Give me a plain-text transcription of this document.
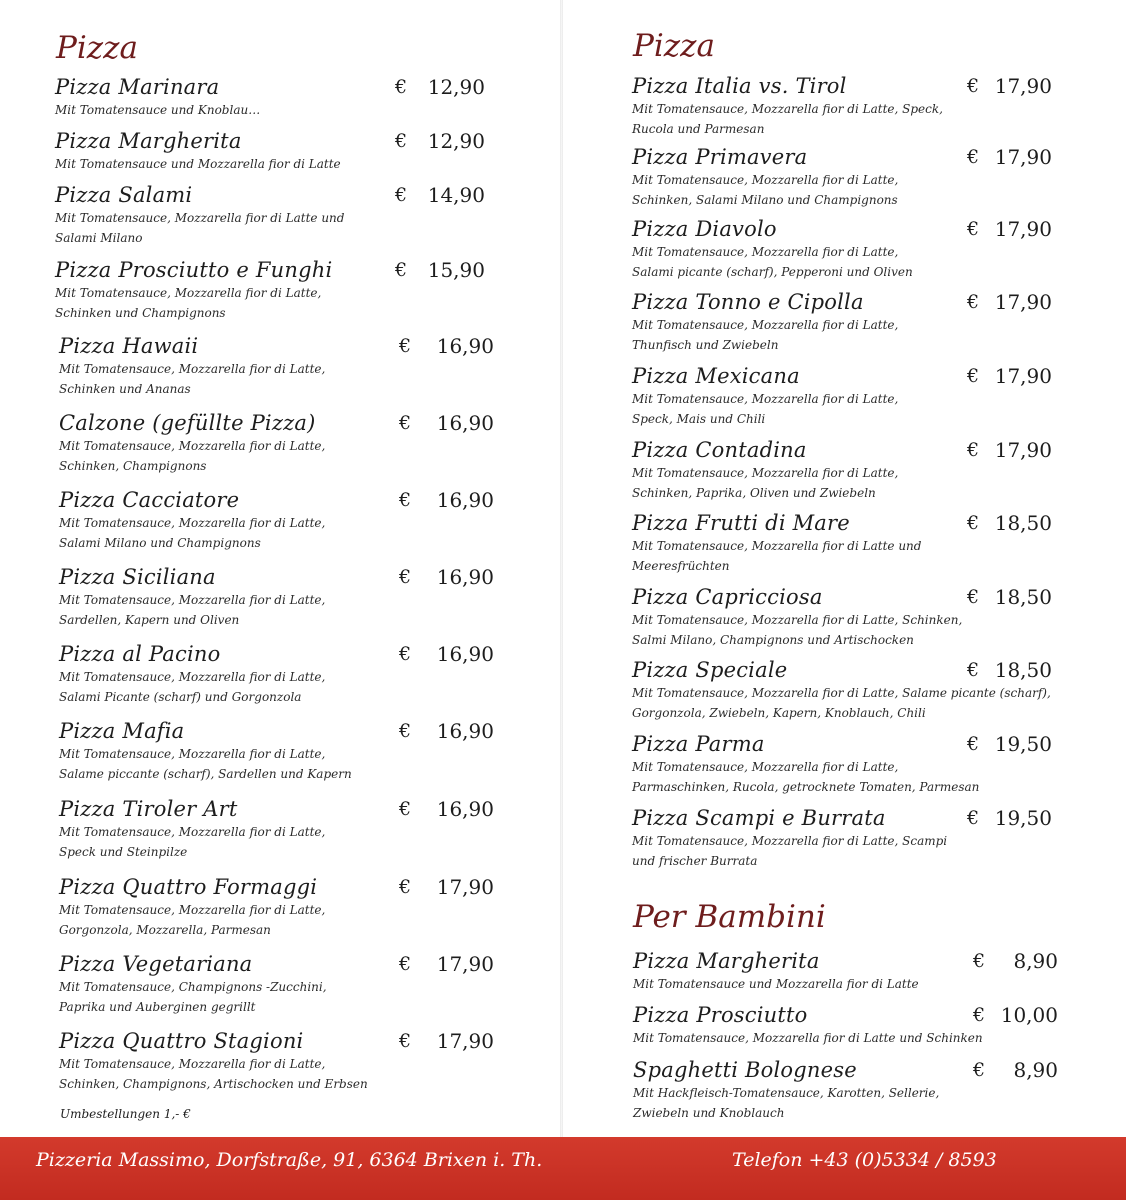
Pizza
Pizza Marinara
Mit Tomatensauce und Knoblau…
€	12,90
Pizza Margherita
Mit Tomatensauce und Mozzarella fior di Latte
€	12,90
Pizza Salami
Mit Tomatensauce, Mozzarella fior di Latte und
Salami Milano
€	14,90
Pizza Prosciutto e Funghi
Mit Tomatensauce, Mozzarella fior di Latte,
Schinken und Champignons
€	15,90
Pizza Hawaii
Mit Tomatensauce, Mozzarella fior di Latte,
Schinken und Ananas
€	16,90
Calzone (gefüllte Pizza)
Mit Tomatensauce, Mozzarella fior di Latte,
Schinken, Champignons
€	16,90
Pizza Cacciatore
Mit Tomatensauce, Mozzarella fior di Latte,
Salami Milano und Champignons
€	16,90
Pizza Siciliana
Mit Tomatensauce, Mozzarella fior di Latte,
Sardellen, Kapern und Oliven
€	16,90
Pizza al Pacino
Mit Tomatensauce, Mozzarella fior di Latte,
Salami Picante (scharf) und Gorgonzola
€	16,90
Pizza Mafia
Mit Tomatensauce, Mozzarella fior di Latte,
Salame piccante (scharf), Sardellen und Kapern
€	16,90
Pizza Tiroler Art
Mit Tomatensauce, Mozzarella fior di Latte,
Speck und Steinpilze
€	16,90
Pizza Quattro Formaggi
Mit Tomatensauce, Mozzarella fior di Latte,
Gorgonzola, Mozzarella, Parmesan
€	17,90
Pizza Vegetariana
Mit Tomatensauce, Champignons -Zucchini,
Paprika und Auberginen gegrillt
€	17,90
Pizza Quattro Stagioni
Mit Tomatensauce, Mozzarella fior di Latte,
Schinken, Champignons, Artischocken und Erbsen
€	17,90
Umbestellungen 1,- €
Pizza
Pizza Italia vs. Tirol
Mit Tomatensauce, Mozzarella fior di Latte, Speck,
Rucola und Parmesan
€ 17,90
Pizza Primavera
Mit Tomatensauce, Mozzarella fior di Latte,
Schinken, Salami Milano und Champignons
€ 17,90
Pizza Diavolo
Mit Tomatensauce, Mozzarella fior di Latte,
Salami picante (scharf), Pepperoni und Oliven
€ 17,90
Pizza Tonno e Cipolla
Mit Tomatensauce, Mozzarella fior di Latte,
Thunfisch und Zwiebeln
€ 17,90
Pizza Mexicana
Mit Tomatensauce, Mozzarella fior di Latte,
Speck, Mais und Chili
€ 17,90
Pizza Contadina
Mit Tomatensauce, Mozzarella fior di Latte,
Schinken, Paprika, Oliven und Zwiebeln
€ 17,90
Pizza Frutti di Mare
Mit Tomatensauce, Mozzarella fior di Latte und
Meeresfrüchten
€ 18,50
Pizza Capricciosa
Mit Tomatensauce, Mozzarella fior di Latte, Schinken,
Salmi Milano, Champignons und Artischocken
€ 18,50
Pizza Speciale
Mit Tomatensauce, Mozzarella fior di Latte, Salame picante (scharf),
Gorgonzola, Zwiebeln, Kapern, Knoblauch, Chili
€ 18,50
Pizza Parma
Mit Tomatensauce, Mozzarella fior di Latte,
Parmaschinken, Rucola, getrocknete Tomaten, Parmesan
€ 19,50
Pizza Scampi e Burrata
Mit Tomatensauce, Mozzarella fior di Latte, Scampi
und frischer Burrata
€ 19,50
Per Bambini
Pizza Margherita
Mit Tomatensauce und Mozzarella fior di Latte
€	8,90
Pizza Prosciutto
Mit Tomatensauce, Mozzarella fior di Latte und Schinken
€ 10,00
Spaghetti Bolognese
Mit Hackfleisch-Tomatensauce, Karotten, Sellerie,
Zwiebeln und Knoblauch
€	8,90
Pizzeria Massimo, Dorfstraße, 91, 6364 Brixen i. Th.	Telefon +43 (0)5334 / 8593
